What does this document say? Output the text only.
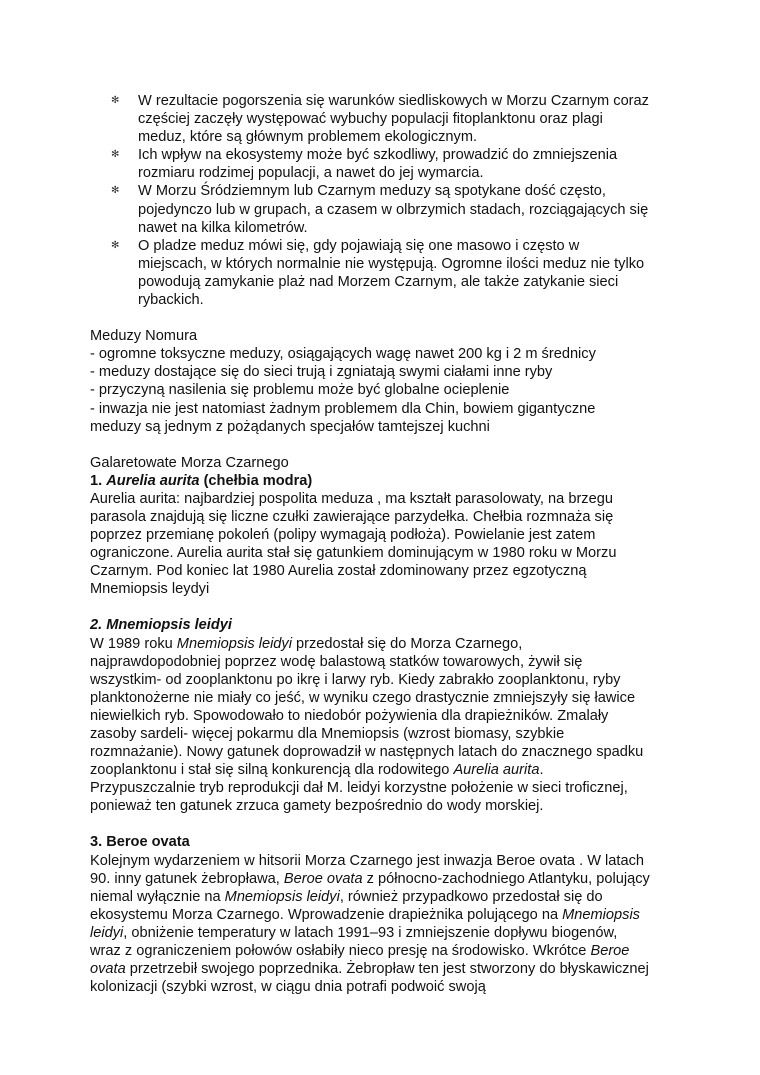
✻ W rezultacie pogorszenia się warunków siedliskowych w Morzu Czarnym coraz częściej zaczęły występować wybuchy populacji fitoplanktonu oraz plagi meduz, które są głównym problemem ekologicznym.
✻ Ich wpływ na ekosystemy może być szkodliwy, prowadzić do zmniejszenia rozmiaru rodzimej populacji, a nawet do jej wymarcia.
✻ W Morzu Śródziemnym lub Czarnym meduzy są spotykane dość często, pojedynczo lub w grupach, a czasem w olbrzymich stadach, rozciągających się nawet na kilka kilometrów.
✻ O pladze meduz mówi się, gdy pojawiają się one masowo i często w miejscach, w których normalnie nie występują. Ogromne ilości meduz nie tylko powodują zamykanie plaż nad Morzem Czarnym, ale także zatykanie sieci rybackich.

Meduzy Nomura

- ogromne toksyczne meduzy, osiągających wagę nawet 200 kg i 2 m średnicy

- meduzy dostające się do sieci trują i zgniatają swymi ciałami inne ryby

- przyczyną nasilenia się problemu może być globalne ocieplenie

- inwazja nie jest natomiast żadnym problemem dla Chin, bowiem gigantyczne meduzy są jednym z pożądanych specjałów tamtejszej kuchni

Galaretowate Morza Czarnego

1. Aurelia aurita (chełbia modra)

Aurelia aurita: najbardziej pospolita meduza , ma kształt parasolowaty, na brzegu parasola znajdują się liczne czułki zawierające parzydełka. Chełbia rozmnaża się poprzez przemianę pokoleń (polipy wymagają podłoża). Powielanie jest zatem ograniczone. Aurelia aurita stał się gatunkiem dominującym w 1980 roku w Morzu Czarnym. Pod koniec lat 1980 Aurelia został zdominowany przez egzotyczną Mnemiopsis leydyi

2. Mnemiopsis leidyi

W 1989 roku Mnemiopsis leidyi przedostał się do Morza Czarnego, najprawdopodobniej poprzez wodę balastową statków towarowych, żywił się wszystkim- od zooplanktonu po ikrę i larwy ryb. Kiedy zabrakło zooplanktonu, ryby planktonożerne nie miały co jeść, w wyniku czego drastycznie zmniejszyły się ławice niewielkich ryb. Spowodowało to niedobór pożywienia dla drapieżników. Zmalały zasoby sardeli- więcej pokarmu dla Mnemiopsis (wzrost biomasy, szybkie rozmnażanie). Nowy gatunek doprowadził w następnych latach do znacznego spadku zooplanktonu i stał się silną konkurencją dla rodowitego Aurelia aurita. Przypuszczalnie tryb reprodukcji dał M. leidyi korzystne położenie w sieci troficznej, ponieważ ten gatunek zrzuca gamety bezpośrednio do wody morskiej.

3. Beroe ovata

Kolejnym wydarzeniem w hitsorii Morza Czarnego jest inwazja Beroe ovata . W latach 90. inny gatunek żebropława, Beroe ovata z północno-zachodniego Atlantyku, polujący niemal wyłącznie na Mnemiopsis leidyi, również przypadkowo przedostał się do ekosystemu Morza Czarnego. Wprowadzenie drapieżnika polującego na Mnemiopsis leidyi, obniżenie temperatury w latach 1991–93 i zmniejszenie dopływu biogenów, wraz z ograniczeniem połowów osłabiły nieco presję na środowisko. Wkrótce Beroe ovata przetrzebił swojego poprzednika. Żebropław ten jest stworzony do błyskawicznej kolonizacji (szybki wzrost, w ciągu dnia potrafi podwoić swoją
